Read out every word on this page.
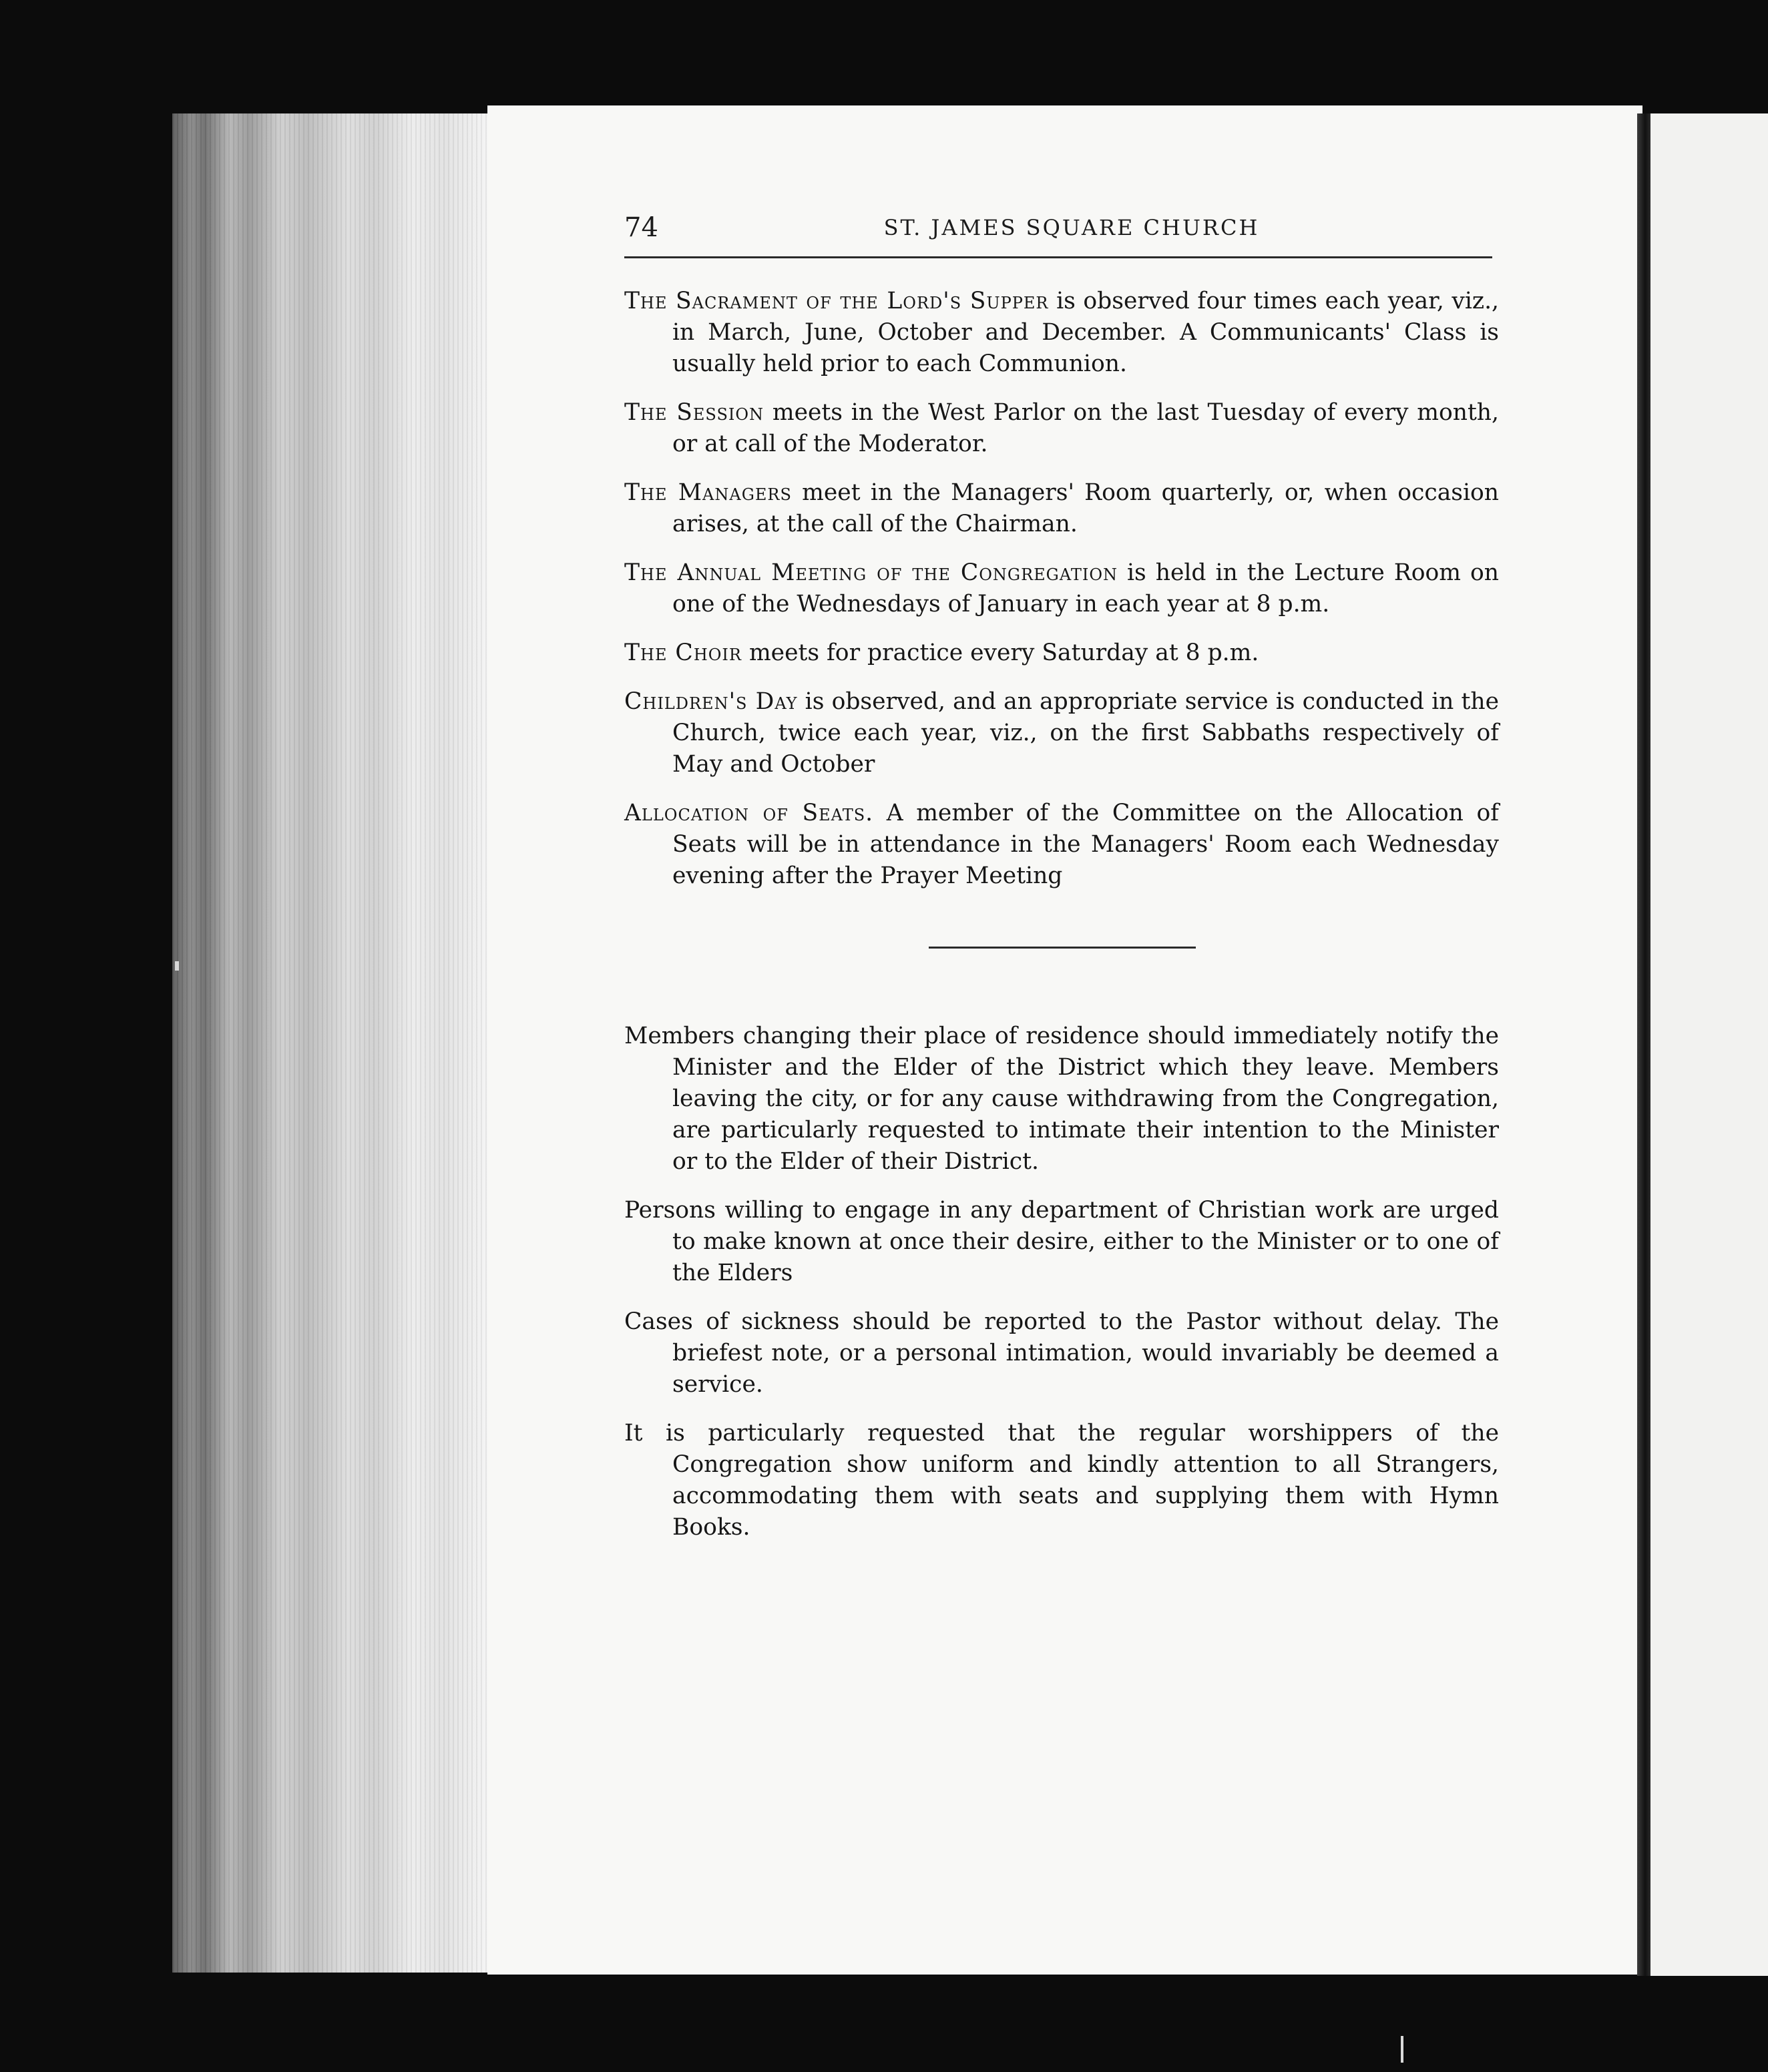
74	ST. JAMES SQUARE CHURCH

The Sacrament of the Lord's Supper is observed four times each year, viz., in March, June, October and December. A Communicants' Class is usually held prior to each Communion.

The Session meets in the West Parlor on the last Tuesday of every month, or at call of the Moderator.

The Managers meet in the Managers' Room quarterly, or, when occasion arises, at the call of the Chairman.

The Annual Meeting of the Congregation is held in the Lecture Room on one of the Wednesdays of January in each year at 8 p.m.

The Choir meets for practice every Saturday at 8 p.m.

Children's Day is observed, and an appropriate service is conducted in the Church, twice each year, viz., on the first Sabbaths respectively of May and October

Allocation of Seats. A member of the Committee on the Allocation of Seats will be in attendance in the Managers' Room each Wednesday evening after the Prayer Meeting

Members changing their place of residence should immediately notify the Minister and the Elder of the District which they leave. Members leaving the city, or for any cause withdrawing from the Congregation, are particularly requested to intimate their intention to the Minister or to the Elder of their District.

Persons willing to engage in any department of Christian work are urged to make known at once their desire, either to the Minister or to one of the Elders

Cases of sickness should be reported to the Pastor without delay. The briefest note, or a personal intimation, would invariably be deemed a service.

It is particularly requested that the regular worshippers of the Congregation show uniform and kindly attention to all Strangers, accommodating them with seats and supplying them with Hymn Books.
